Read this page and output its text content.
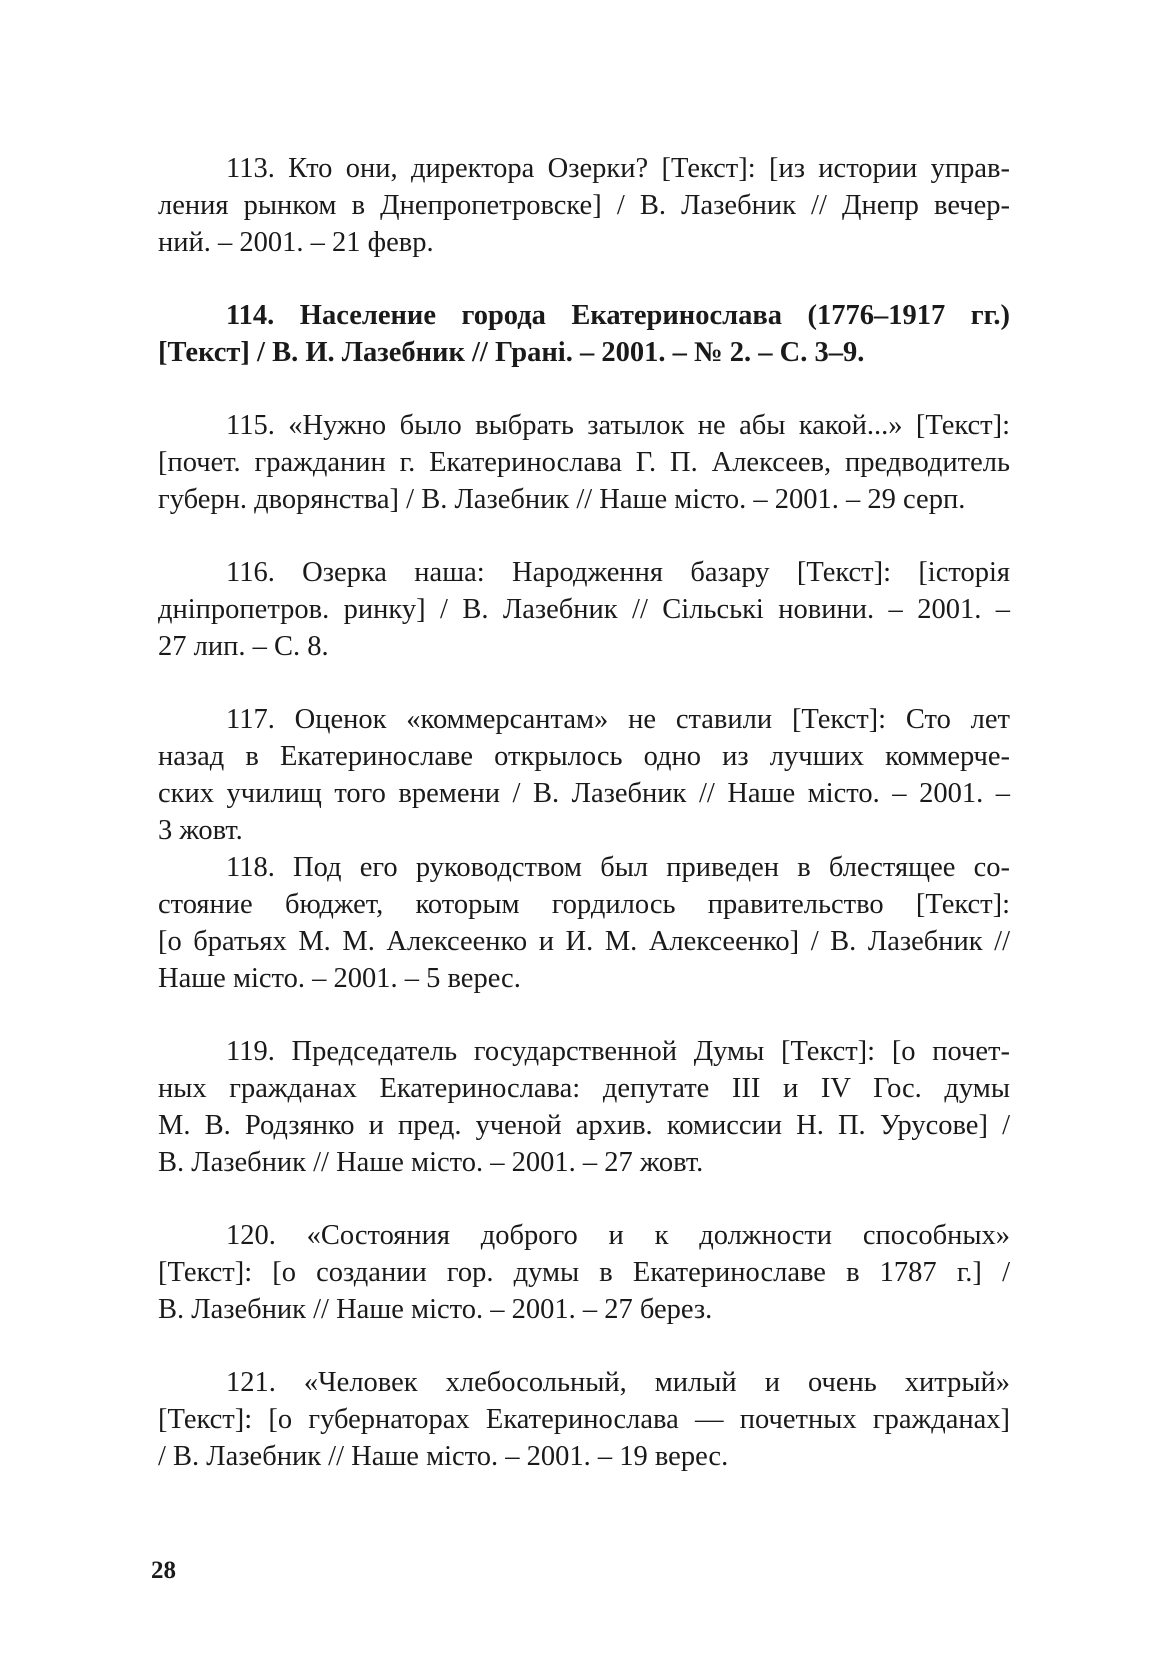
113. Кто они, директора Озерки? [Текст]: [из истории управ-
ления рынком в Днепропетровске] / В. Лазебник // Днепр вечер-
ний. – 2001. – 21 февр.

114. Население города Екатеринослава (1776–1917 гг.)
[Текст] / В. И. Лазебник // Грані. – 2001. – № 2. – С. 3–9.

115. «Нужно было выбрать затылок не абы какой...» [Текст]:
[почет. гражданин г. Екатеринослава Г. П. Алексеев, предводитель
губерн. дворянства] / В. Лазебник // Наше місто. – 2001. – 29 серп.

116. Озерка наша: Народження базару [Текст]: [історія
дніпропетров. ринку] / В. Лазебник // Сільські новини. – 2001. –
27 лип. – С. 8.

117. Оценок «коммерсантам» не ставили [Текст]: Сто лет
назад в Екатеринославе открылось одно из лучших коммерче-
ских училищ того времени / В. Лазебник // Наше місто. – 2001. –
3 жовт.

118. Под его руководством был приведен в блестящее со-
стояние бюджет, которым гордилось правительство [Текст]:
[о братьях М. М. Алексеенко и И. М. Алексеенко] / В. Лазебник //
Наше місто. – 2001. – 5 верес.

119. Председатель государственной Думы [Текст]: [о почет-
ных гражданах Екатеринослава: депутате III и IV Гос. думы
М. В. Родзянко и пред. ученой архив. комиссии Н. П. Урусове] /
В. Лазебник // Наше місто. – 2001. – 27 жовт.

120. «Состояния доброго и к должности способных»
[Текст]: [о создании гор. думы в Екатеринославе в 1787 г.] /
В. Лазебник // Наше місто. – 2001. – 27 берез.

121. «Человек хлебосольный, милый и очень хитрый»
[Текст]: [о губернаторах Екатеринослава — почетных гражданах]
/ В. Лазебник // Наше місто. – 2001. – 19 верес.

28
